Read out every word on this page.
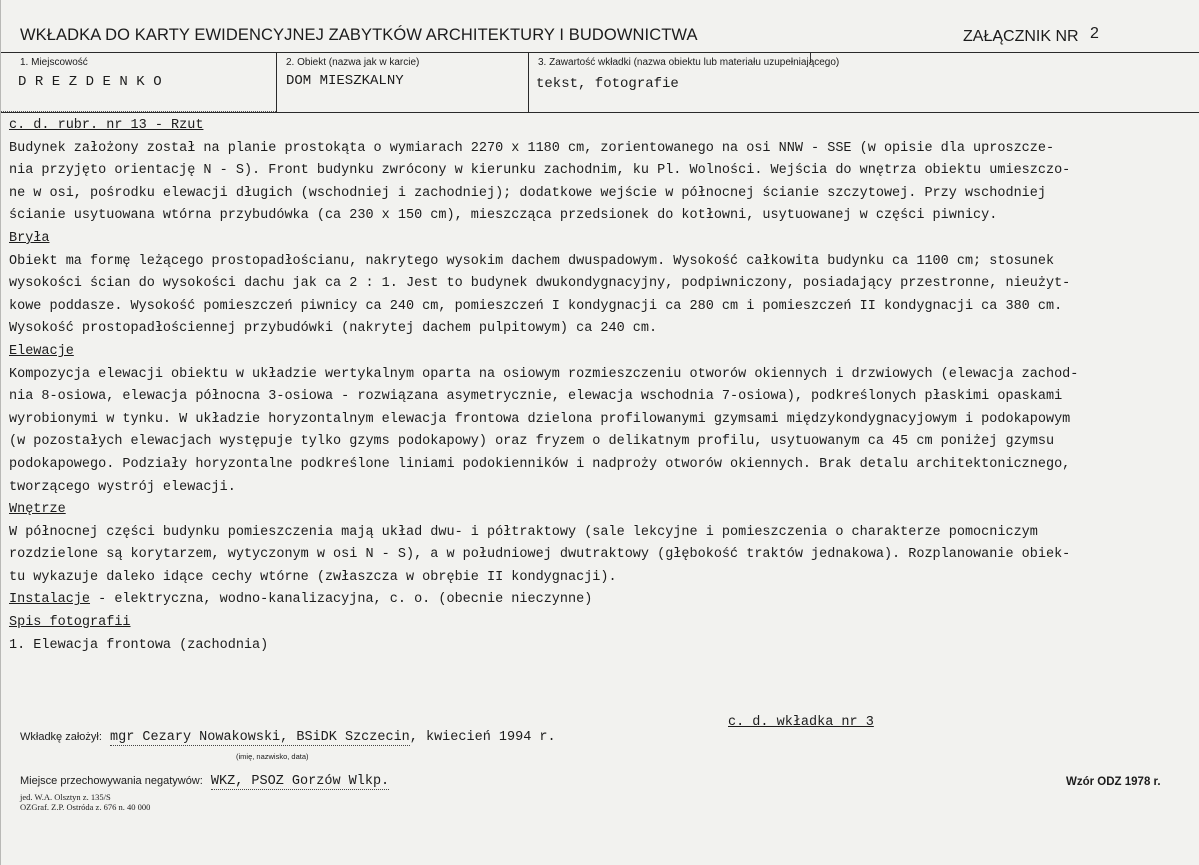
WKŁADKA DO KARTY EWIDENCYJNEJ ZABYTKÓW ARCHITEKTURY I BUDOWNICTWA	ZAŁĄCZNIK NR 2
1. Miejscowość
DREZDENKO
2. Obiekt (nazwa jak w karcie)
DOM MIESZKALNY
3. Zawartość wkładki (nazwa obiektu lub materiału uzupełniającego)
tekst, fotografie

c. d. rubr. nr 13 - Rzut

Budynek założony został na planie prostokąta o wymiarach 2270 x 1180 cm, zorientowanego na osi NNW - SSE (w opisie dla uproszcze-

nia przyjęto orientację N - S). Front budynku zwrócony w kierunku zachodnim, ku Pl. Wolności. Wejścia do wnętrza obiektu umieszczo-

ne w osi, pośrodku elewacji długich (wschodniej i zachodniej); dodatkowe wejście w północnej ścianie szczytowej. Przy wschodniej

ścianie usytuowana wtórna przybudówka (ca 230 x 150 cm), mieszcząca przedsionek do kotłowni, usytuowanej w części piwnicy.

Bryła

Obiekt ma formę leżącego prostopadłościanu, nakrytego wysokim dachem dwuspadowym. Wysokość całkowita budynku ca 1100 cm; stosunek

wysokości ścian do wysokości dachu jak ca 2 : 1. Jest to budynek dwukondygnacyjny, podpiwniczony, posiadający przestronne, nieużyt-

kowe poddasze. Wysokość pomieszczeń piwnicy ca 240 cm, pomieszczeń I kondygnacji ca 280 cm i pomieszczeń II kondygnacji ca 380 cm.

Wysokość prostopadłościennej przybudówki (nakrytej dachem pulpitowym) ca 240 cm.

Elewacje

Kompozycja elewacji obiektu w układzie wertykalnym oparta na osiowym rozmieszczeniu otworów okiennych i drzwiowych (elewacja zachod-

nia 8-osiowa, elewacja północna 3-osiowa - rozwiązana asymetrycznie, elewacja wschodnia 7-osiowa), podkreślonych płaskimi opaskami

wyrobionymi w tynku. W układzie horyzontalnym elewacja frontowa dzielona profilowanymi gzymsami międzykondygnacyjowym i podokapowym

(w pozostałych elewacjach występuje tylko gzyms podokapowy) oraz fryzem o delikatnym profilu, usytuowanym ca 45 cm poniżej gzymsu

podokapowego. Podziały horyzontalne podkreślone liniami podokienników i nadproży otworów okiennych. Brak detalu architektonicznego,

tworzącego wystrój elewacji.

Wnętrze

W północnej części budynku pomieszczenia mają układ dwu- i półtraktowy (sale lekcyjne i pomieszczenia o charakterze pomocniczym

rozdzielone są korytarzem, wytyczonym w osi N - S), a w południowej dwutraktowy (głębokość traktów jednakowa). Rozplanowanie obiek-

tu wykazuje daleko idące cechy wtórne (zwłaszcza w obrębie II kondygnacji).

Instalacje - elektryczna, wodno-kanalizacyjna, c. o. (obecnie nieczynne)

Spis fotografii

1. Elewacja frontowa (zachodnia)

c. d. wkładka nr 3
Wkładkę założył: mgr Cezary Nowakowski, BSiDK Szczecin, kwiecień 1994 r.
(imię, nazwisko, data)
Miejsce przechowywania negatywów: WKZ, PSOZ Gorzów Wlkp.	Wzór ODZ 1978 r.
jed. W.A. Olsztyn z. 135/S
OZGraf. Z.P. Ostróda z. 676 n. 40 000
